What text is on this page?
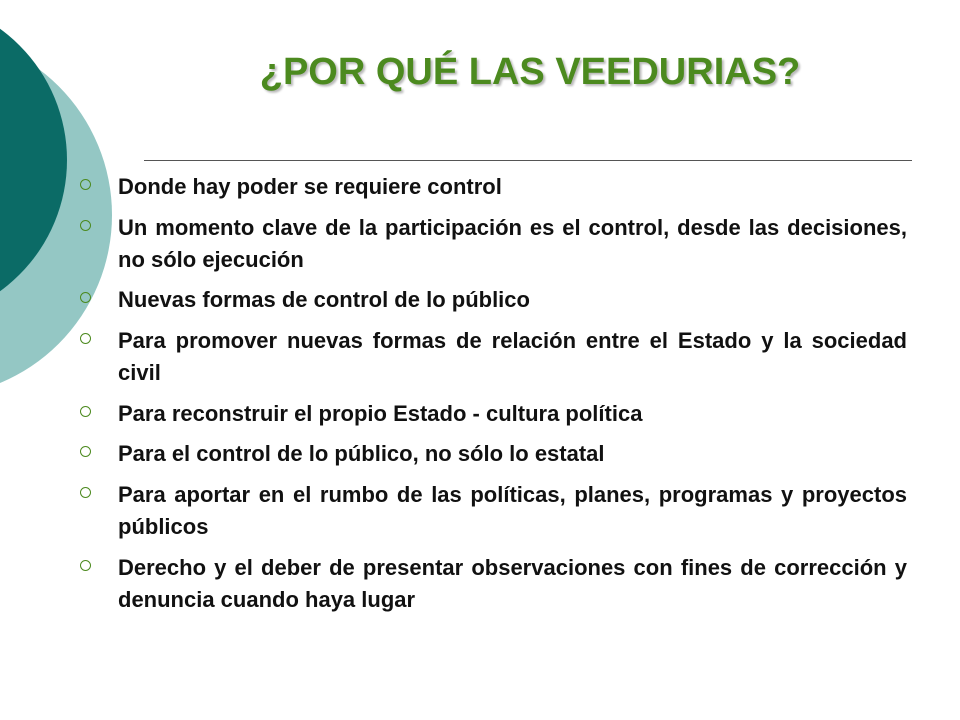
¿POR QUÉ LAS VEEDURIAS?
Donde hay poder se requiere control
Un momento clave de la participación es el control, desde las decisiones, no sólo ejecución
Nuevas formas de control de lo público
Para promover nuevas formas de relación entre el Estado y la sociedad civil
Para reconstruir el propio Estado - cultura política
Para el control de lo público, no sólo lo estatal
Para aportar en el rumbo de las políticas, planes, programas y proyectos públicos
Derecho y el deber de presentar observaciones con fines de corrección y denuncia cuando haya lugar
